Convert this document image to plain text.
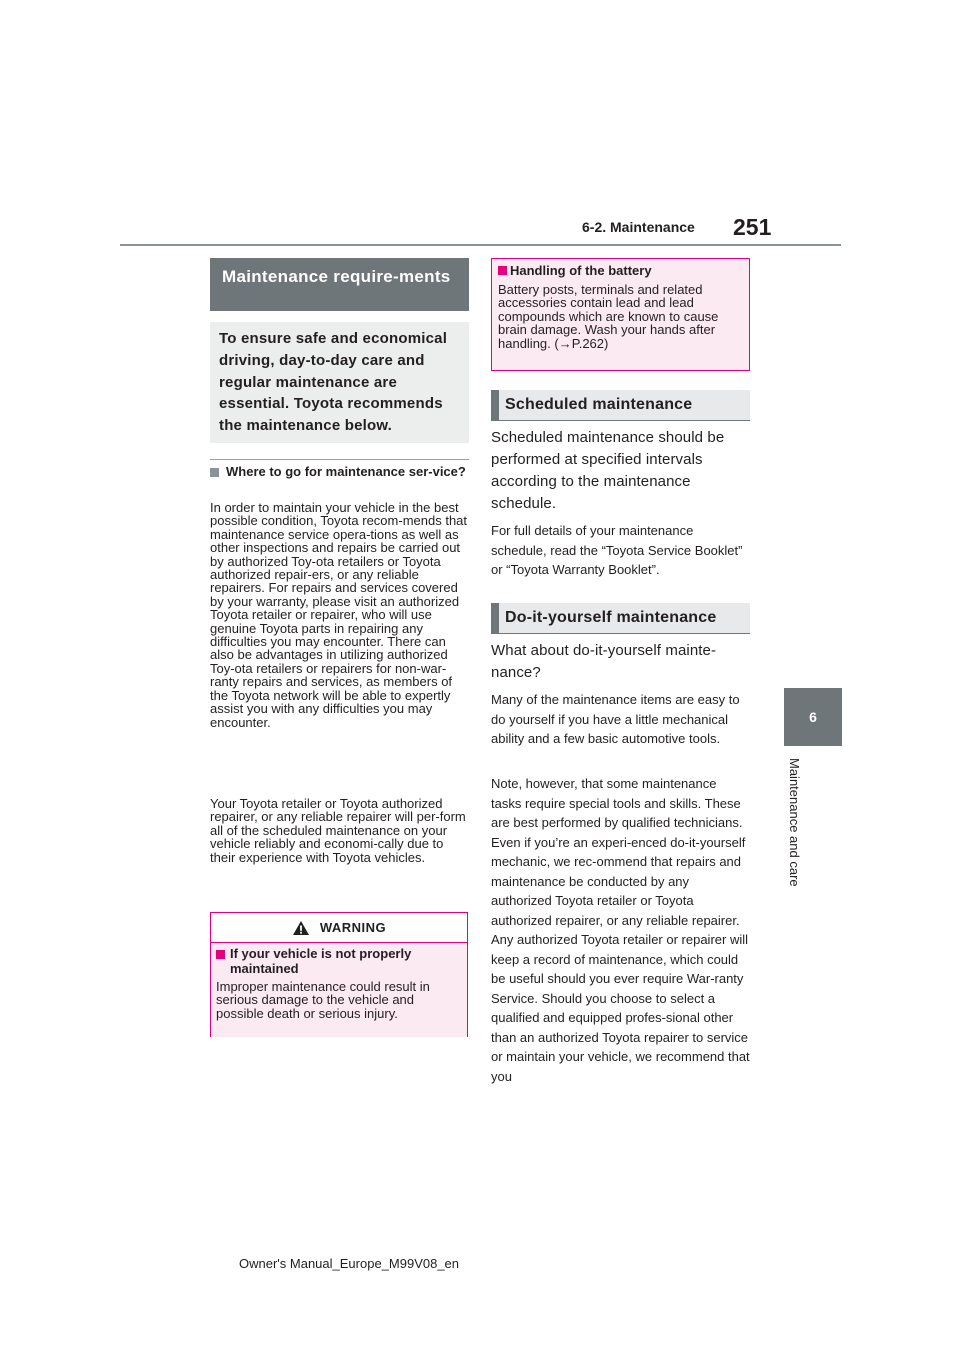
6-2. Maintenance 251
6
Maintenance and care
Maintenance require-ments
To ensure safe and economical driving, day-to-day care and regular maintenance are essential. Toyota recommends the maintenance below.
Where to go for maintenance ser-vice?

In order to maintain your vehicle in the best possible condition, Toyota recom-mends that maintenance service opera-tions as well as other inspections and repairs be carried out by authorized Toy-ota retailers or Toyota authorized repair-ers, or any reliable repairers. For repairs and services covered by your warranty, please visit an authorized Toyota retailer or repairer, who will use genuine Toyota parts in repairing any difficulties you may encounter. There can also be advantages in utilizing authorized Toy-ota retailers or repairers for non-war-ranty repairs and services, as members of the Toyota network will be able to expertly assist you with any difficulties you may encounter.

Your Toyota retailer or Toyota authorized repairer, or any reliable repairer will per-form all of the scheduled maintenance on your vehicle reliably and economi-cally due to their experience with Toyota vehicles.

WARNING
If your vehicle is not properly maintained
Improper maintenance could result in serious damage to the vehicle and possible death or serious injury.
Handling of the battery
Battery posts, terminals and related accessories contain lead and lead compounds which are known to cause brain damage. Wash your hands after handling. (→P.262)
Scheduled maintenance

Scheduled maintenance should be performed at specified intervals according to the maintenance schedule.

For full details of your maintenance schedule, read the “Toyota Service Booklet” or “Toyota Warranty Booklet”.

Do-it-yourself maintenance

What about do-it-yourself mainte-nance?

Many of the maintenance items are easy to do yourself if you have a little mechanical ability and a few basic automotive tools.

Note, however, that some maintenance tasks require special tools and skills. These are best performed by qualified technicians. Even if you’re an experi-enced do-it-yourself mechanic, we rec-ommend that repairs and maintenance be conducted by any authorized Toyota retailer or Toyota authorized repairer, or any reliable repairer. Any authorized Toyota retailer or repairer will keep a record of maintenance, which could be useful should you ever require War-ranty Service. Should you choose to select a qualified and equipped profes-sional other than an authorized Toyota repairer to service or maintain your vehicle, we recommend that you

Owner's Manual_Europe_M99V08_en
